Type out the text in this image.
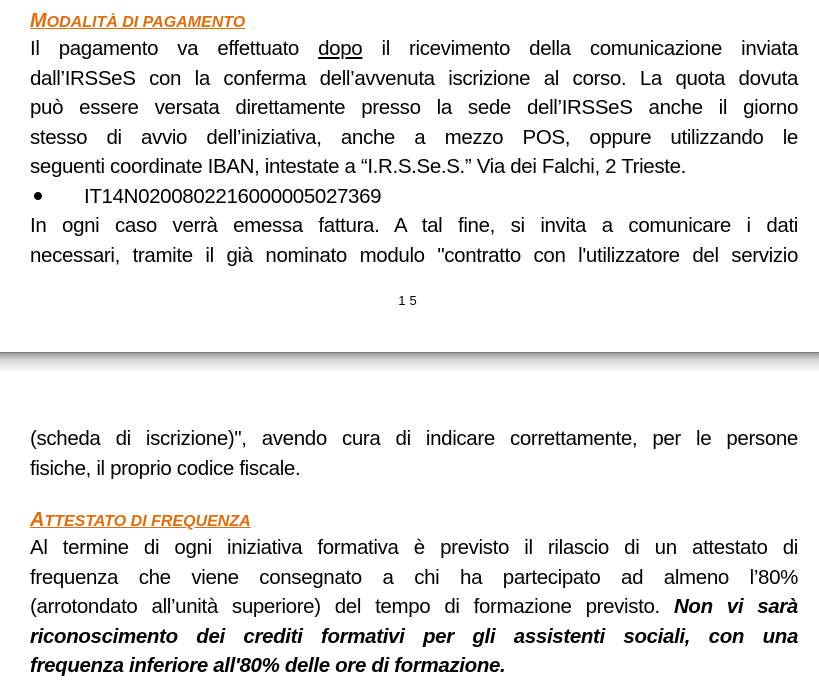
MODALITÀ DI PAGAMENTO

Il pagamento va effettuato dopo il ricevimento della comunicazione inviata
dall’IRSSeS con la conferma dell’avvenuta iscrizione al corso. La quota dovuta
può essere versata direttamente presso la sede dell’IRSSeS anche il giorno
stesso di avvio dell’iniziativa, anche a mezzo POS, oppure utilizzando le
seguenti coordinate IBAN, intestate a “I.R.S.Se.S.” Via dei Falchi, 2 Trieste.

IT14N0200802216000005027369

In ogni caso verrà emessa fattura. A tal fine, si invita a comunicare i dati
necessari, tramite il già nominato modulo "contratto con l'utilizzatore del servizio

15

(scheda di iscrizione)", avendo cura di indicare correttamente, per le persone
fisiche, il proprio codice fiscale.

ATTESTATO DI FREQUENZA

Al termine di ogni iniziativa formativa è previsto il rilascio di un attestato di
frequenza che viene consegnato a chi ha partecipato ad almeno l’80%
(arrotondato all’unità superiore) del tempo di formazione previsto. Non vi sarà
riconoscimento dei crediti formativi per gli assistenti sociali, con una
frequenza inferiore all'80% delle ore di formazione.
